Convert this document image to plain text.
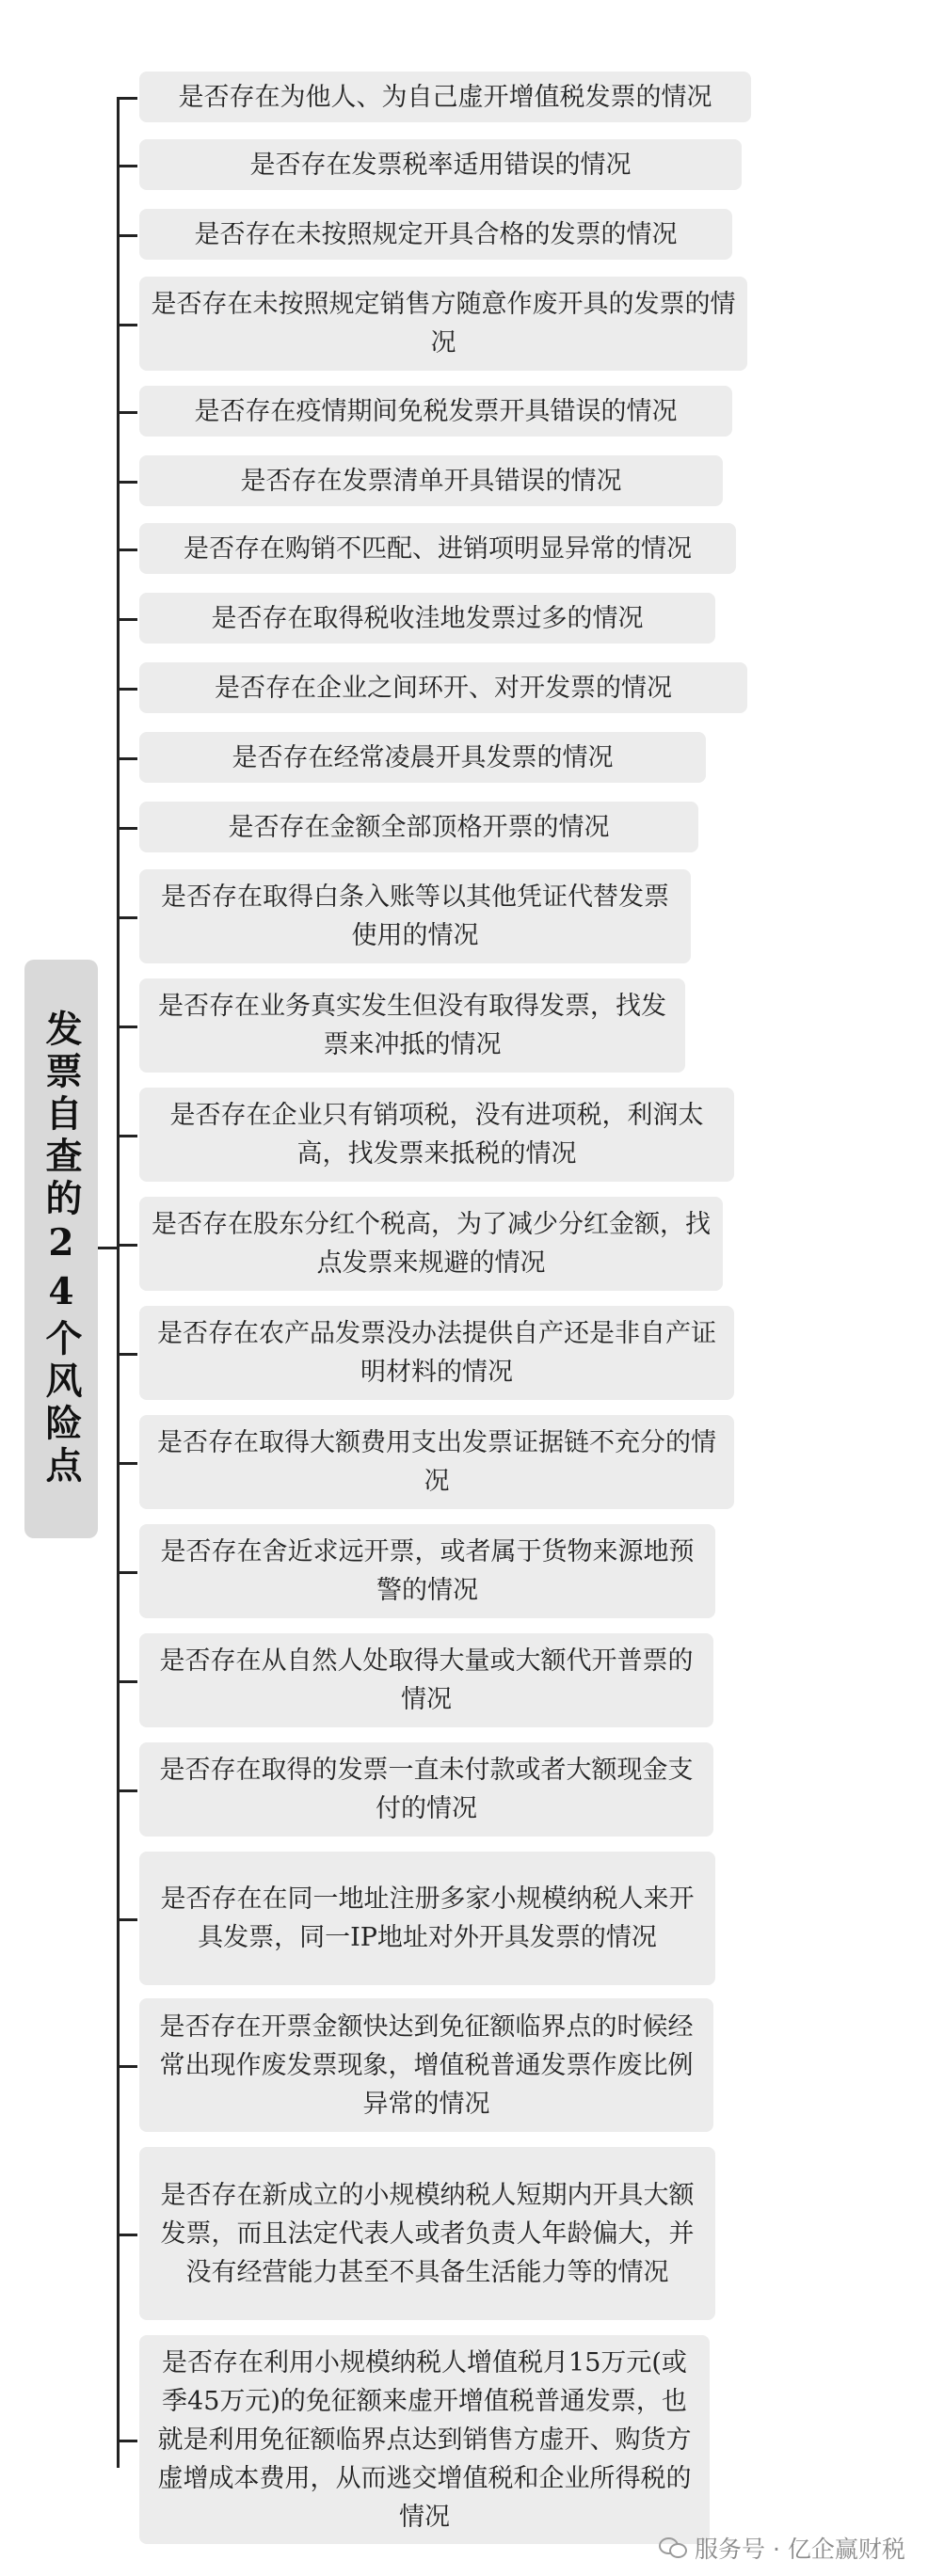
发票自查的24个风险点
是否存在为他人、为自己虚开增值税发票的情况
是否存在发票税率适用错误的情况
是否存在未按照规定开具合格的发票的情况
是否存在未按照规定销售方随意作废开具的发票的情况
是否存在疫情期间免税发票开具错误的情况
是否存在发票清单开具错误的情况
是否存在购销不匹配、进销项明显异常的情况
是否存在取得税收洼地发票过多的情况
是否存在企业之间环开、对开发票的情况
是否存在经常凌晨开具发票的情况
是否存在金额全部顶格开票的情况
是否存在取得白条入账等以其他凭证代替发票使用的情况
是否存在业务真实发生但没有取得发票，找发票来冲抵的情况
是否存在企业只有销项税，没有进项税，利润太高，找发票来抵税的情况
是否存在股东分红个税高，为了减少分红金额，找点发票来规避的情况
是否存在农产品发票没办法提供自产还是非自产证明材料的情况
是否存在取得大额费用支出发票证据链不充分的情况
是否存在舍近求远开票，或者属于货物来源地预警的情况
是否存在从自然人处取得大量或大额代开普票的情况
是否存在取得的发票一直未付款或者大额现金支付的情况
是否存在在同一地址注册多家小规模纳税人来开具发票，同一IP地址对外开具发票的情况
是否存在开票金额快达到免征额临界点的时候经常出现作废发票现象，增值税普通发票作废比例异常的情况
是否存在新成立的小规模纳税人短期内开具大额发票，而且法定代表人或者负责人年龄偏大，并没有经营能力甚至不具备生活能力等的情况
是否存在利用小规模纳税人增值税月15万元(或季45万元)的免征额来虚开增值税普通发票，也就是利用免征额临界点达到销售方虚开、购货方虚增成本费用，从而逃交增值税和企业所得税的情况
服务号 · 亿企赢财税
